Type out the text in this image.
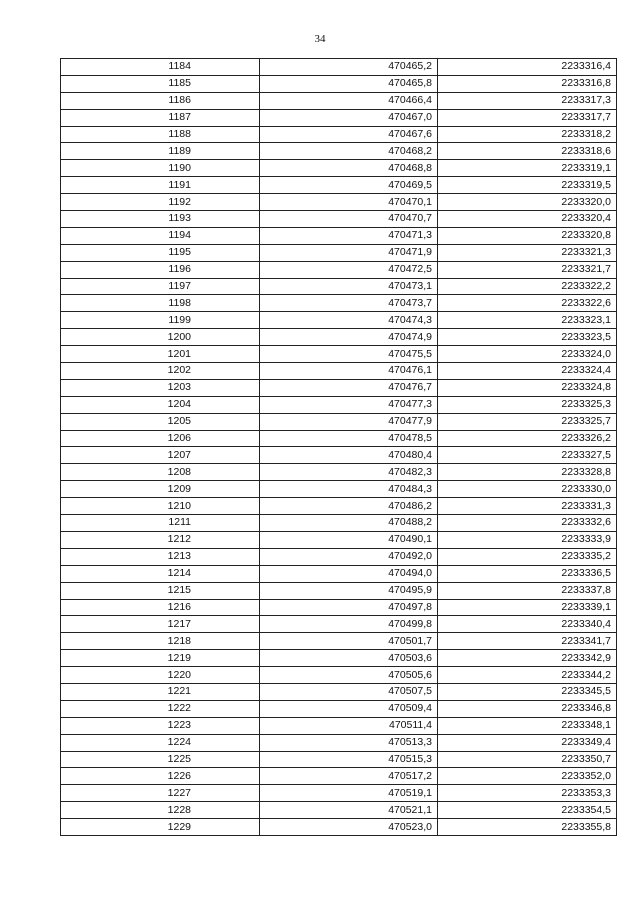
34
1184	470465,2	2233316,4
1185	470465,8	2233316,8
1186	470466,4	2233317,3
1187	470467,0	2233317,7
1188	470467,6	2233318,2
1189	470468,2	2233318,6
1190	470468,8	2233319,1
1191	470469,5	2233319,5
1192	470470,1	2233320,0
1193	470470,7	2233320,4
1194	470471,3	2233320,8
1195	470471,9	2233321,3
1196	470472,5	2233321,7
1197	470473,1	2233322,2
1198	470473,7	2233322,6
1199	470474,3	2233323,1
1200	470474,9	2233323,5
1201	470475,5	2233324,0
1202	470476,1	2233324,4
1203	470476,7	2233324,8
1204	470477,3	2233325,3
1205	470477,9	2233325,7
1206	470478,5	2233326,2
1207	470480,4	2233327,5
1208	470482,3	2233328,8
1209	470484,3	2233330,0
1210	470486,2	2233331,3
1211	470488,2	2233332,6
1212	470490,1	2233333,9
1213	470492,0	2233335,2
1214	470494,0	2233336,5
1215	470495,9	2233337,8
1216	470497,8	2233339,1
1217	470499,8	2233340,4
1218	470501,7	2233341,7
1219	470503,6	2233342,9
1220	470505,6	2233344,2
1221	470507,5	2233345,5
1222	470509,4	2233346,8
1223	470511,4	2233348,1
1224	470513,3	2233349,4
1225	470515,3	2233350,7
1226	470517,2	2233352,0
1227	470519,1	2233353,3
1228	470521,1	2233354,5
1229	470523,0	2233355,8
